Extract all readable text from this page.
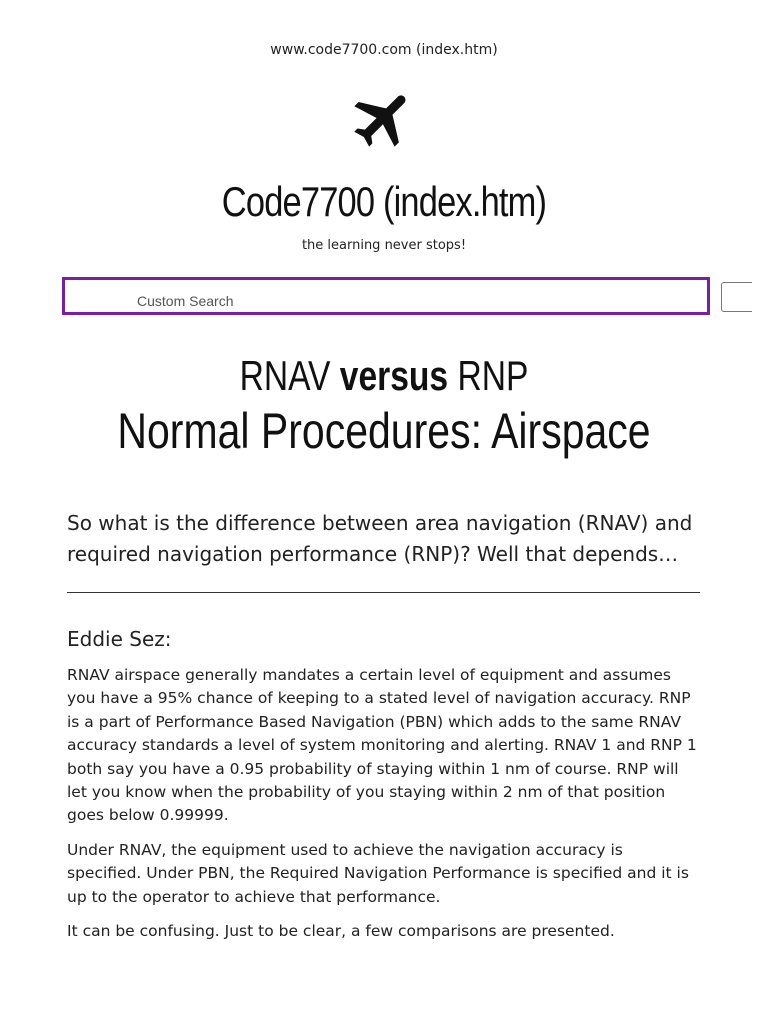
www.code7700.com (index.htm)
Code7700 (index.htm)
the learning never stops!
Custom Search
RNAV versus RNP
Normal Procedures: Airspace
So what is the difference between area navigation (RNAV) and required navigation performance (RNP)? Well that depends…
Eddie Sez:

RNAV airspace generally mandates a certain level of equipment and assumes you have a 95% chance of keeping to a stated level of navigation accuracy. RNP is a part of Performance Based Navigation (PBN) which adds to the same RNAV accuracy standards a level of system monitoring and alerting. RNAV 1 and RNP 1 both say you have a 0.95 probability of staying within 1 nm of course. RNP will let you know when the probability of you staying within 2 nm of that position goes below 0.99999.

Under RNAV, the equipment used to achieve the navigation accuracy is specified. Under PBN, the Required Navigation Performance is specified and it is up to the operator to achieve that performance.

It can be confusing. Just to be clear, a few comparisons are presented.
